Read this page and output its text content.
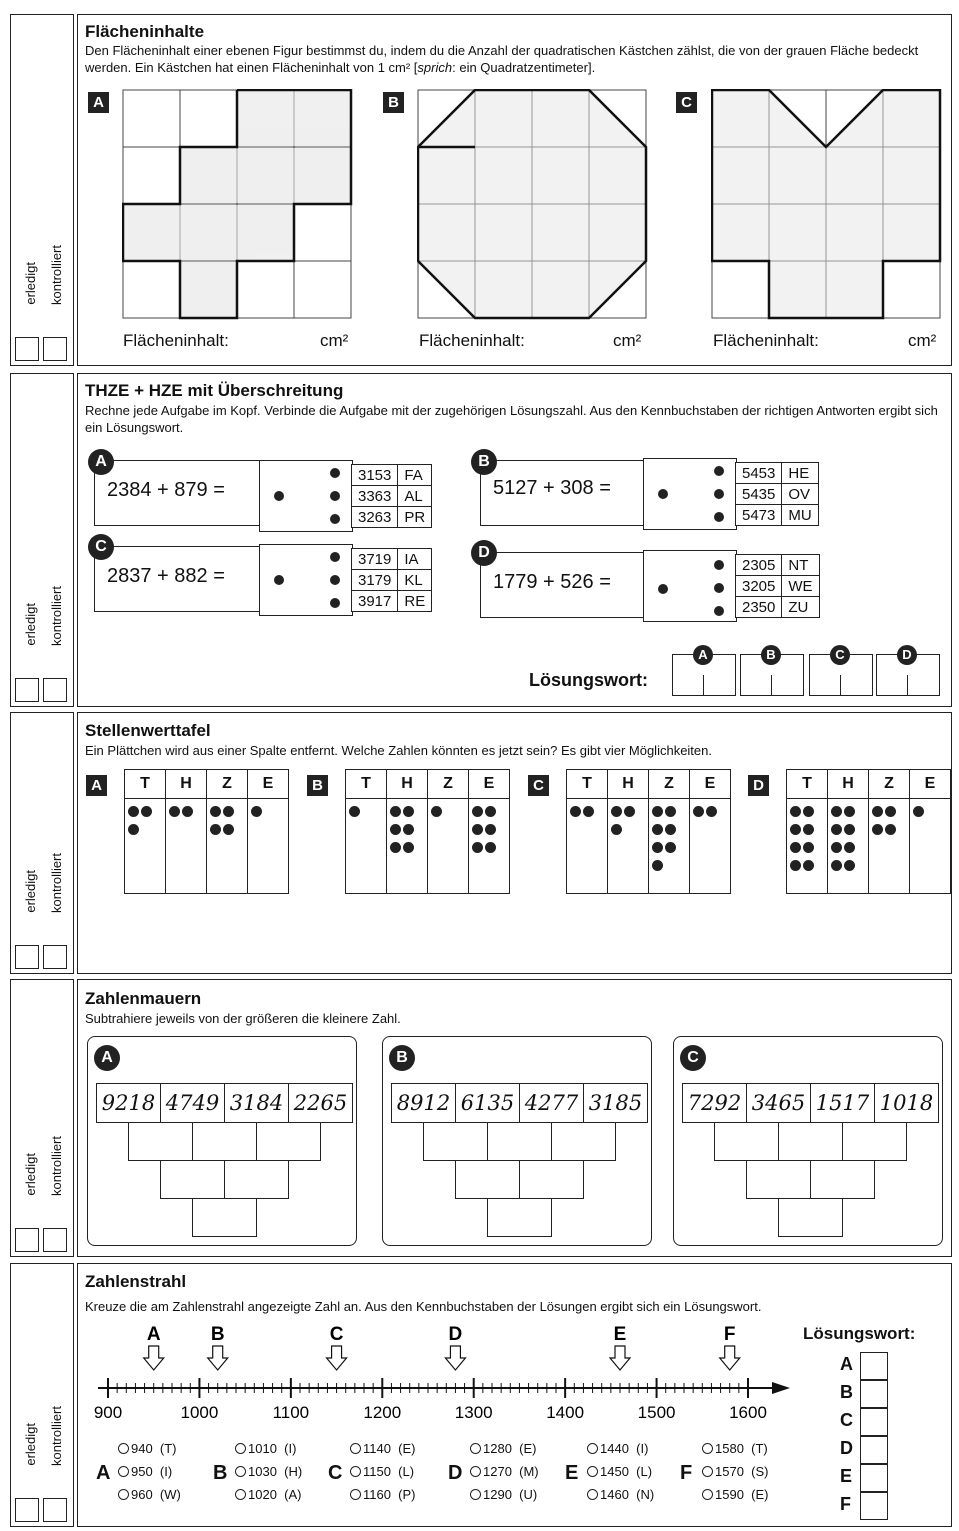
erledigt kontrolliert
Flächeninhalte
Den Flächeninhalt einer ebenen Figur bestimmst du, indem du die Anzahl der quadratischen Kästchen zählst, die von der grauen Fläche bedeckt werden. Ein Kästchen hat einen Flächeninhalt von 1 cm² [sprich: ein Quadratzentimeter].
A
Flächeninhalt:	cm²
B
Flächeninhalt:	cm²
C
Flächeninhalt:	cm²
erledigt kontrolliert
THZE + HZE mit Überschreitung
Rechne jede Aufgabe im Kopf. Verbinde die Aufgabe mit der zugehörigen Lösungszahl. Aus den Kennbuchstaben der richtigen Antworten ergibt sich ein Lösungswort.
2384 + 879 =
A
3153	FA
3363	AL
3263	PR
5127 + 308 =
B
5453	HE
5435	OV
5473	MU
2837 + 882 =
C
3719	IA
3179	KL
3917	RE
1779 + 526 =
D
2305	NT
3205	WE
2350	ZU
Lösungswort:
A	B	C	D
erledigt kontrolliert
Stellenwerttafel
Ein Plättchen wird aus einer Spalte entfernt. Welche Zahlen könnten es jetzt sein? Es gibt vier Möglichkeiten.
A	T	H	Z	E
				B	T	H	Z	E
				C	T	H	Z	E
				D	T	H	Z	E

erledigt kontrolliert
Zahlenmauern
Subtrahiere jeweils von der größeren die kleinere Zahl.
A
9218 4749 3184 2265
B
8912 6135 4277 3185
C
7292 3465 1517 1018
erledigt kontrolliert
Zahlenstrahl
Kreuze die am Zahlenstrahl angezeigte Zahl an. Aus den Kennbuchstaben der Lösungen ergibt sich ein Lösungswort.
900	1000	1100	1200	1300	1400	1500	1600
A	B	C	D	E	F
A
940  (T)
950  (I)
960  (W)
B
1010  (I)
1030  (H)
1020  (A)
C
1140  (E)
1150  (L)
1160  (P)
D
1280  (E)
1270  (M)
1290  (U)
E
1440  (I)
1450  (L)
1460  (N)
F
1580  (T)
1570  (S)
1590  (E)
Lösungswort:
A
B
C
D
E
F
